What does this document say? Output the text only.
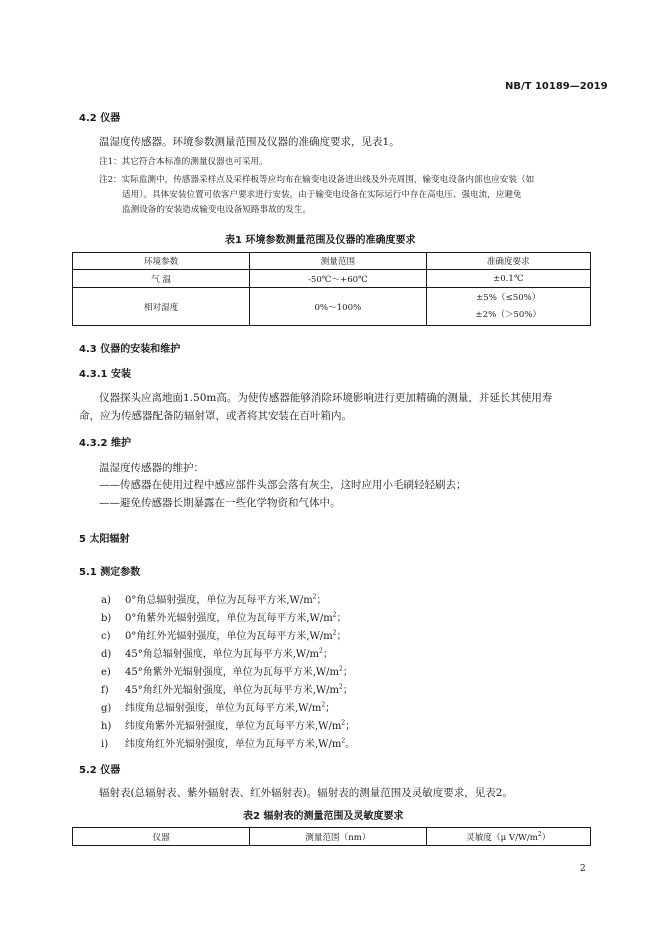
NB/T 10189—2019
4.2 仪器
温湿度传感器。环境参数测量范围及仪器的准确度要求，见表1。
注1：其它符合本标准的测量仪器也可采用。
注2：实际监测中，传感器采样点及采样板等应均布在输变电设备进出线及外壳周围，输变电设备内部也应安装（如
适用）。具体安装位置可依客户要求进行安装，由于输变电设备在实际运行中存在高电压、强电流，应避免
监测设备的安装造成输变电设备短路事故的发生。
表1 环境参数测量范围及仪器的准确度要求
环境参数	测量范围	准确度要求
气 温	-50℃～+60℃	±0.1℃
相对湿度	0%～100%	±5%（≤50%）
±2%（＞50%）
4.3 仪器的安装和维护
4.3.1 安装
仪器探头应离地面1.50m高。为使传感器能够消除环境影响进行更加精确的测量，并延长其使用寿
命，应为传感器配备防辐射罩，或者将其安装在百叶箱内。
4.3.2 维护
温湿度传感器的维护：
——传感器在使用过程中感应部件头部会落有灰尘，这时应用小毛刷轻轻刷去；
——避免传感器长期暴露在一些化学物资和气体中。
5 太阳辐射
5.1 测定参数
a) 0°角总辐射强度，单位为瓦每平方米$,W/m^2$；
b) 0°角紫外光辐射强度，单位为瓦每平方米$,W/m^2$；
c) 0°角红外光辐射强度，单位为瓦每平方米$,W/m^2$；
d) 45°角总辐射强度，单位为瓦每平方米$,W/m^2$；
e) 45°角紫外光辐射强度，单位为瓦每平方米$,W/m^2$；
f) 45°角红外光辐射强度，单位为瓦每平方米$,W/m^2$；
g) 纬度角总辐射强度，单位为瓦每平方米$,W/m^2$；
h) 纬度角紫外光辐射强度，单位为瓦每平方米$,W/m^2$；
i) 纬度角红外光辐射强度，单位为瓦每平方米$,W/m^2$。
5.2 仪器
辐射表(总辐射表、紫外辐射表、红外辐射表)。辐射表的测量范围及灵敏度要求，见表2。
表2 辐射表的测量范围及灵敏度要求
仪器	测量范围（nm）	灵敏度（μ $V/W/m^2$）
2
